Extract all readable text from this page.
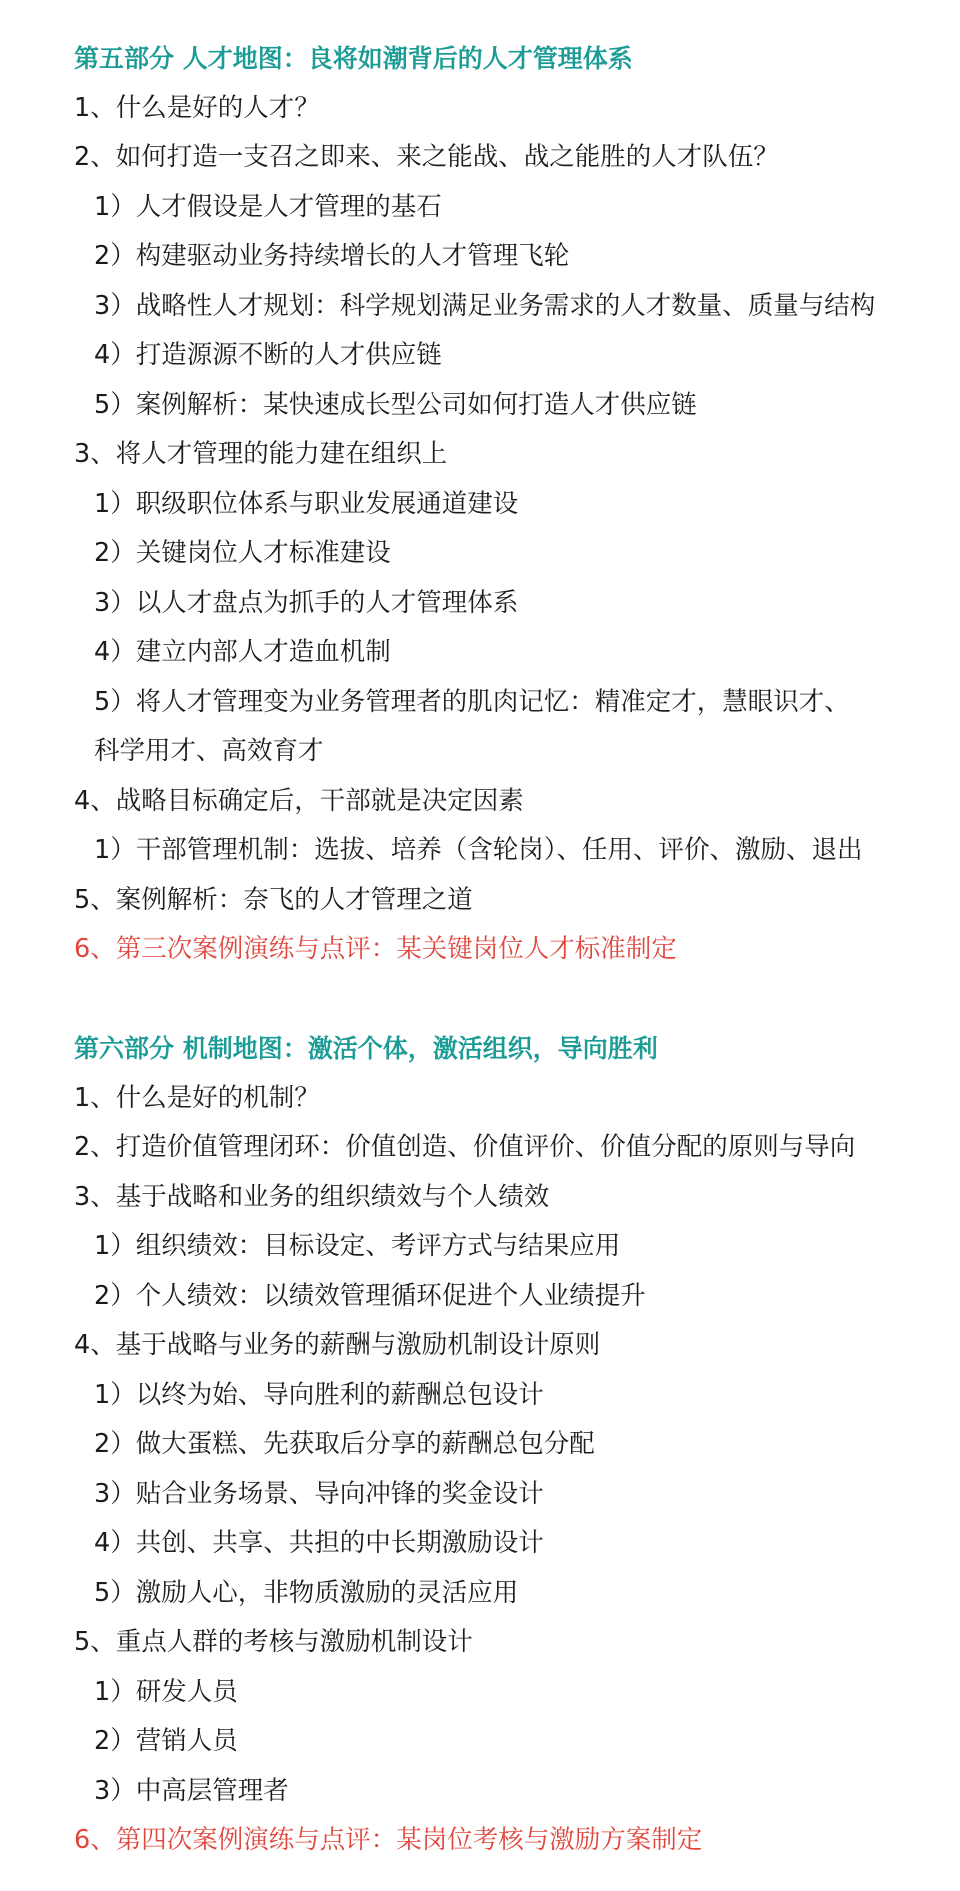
第五部分 人才地图：良将如潮背后的人才管理体系
1、什么是好的人才？
2、如何打造一支召之即来、来之能战、战之能胜的人才队伍？
1）人才假设是人才管理的基石
2）构建驱动业务持续增长的人才管理飞轮
3）战略性人才规划：科学规划满足业务需求的人才数量、质量与结构
4）打造源源不断的人才供应链
5）案例解析：某快速成长型公司如何打造人才供应链
3、将人才管理的能力建在组织上
1）职级职位体系与职业发展通道建设
2）关键岗位人才标准建设
3）以人才盘点为抓手的人才管理体系
4）建立内部人才造血机制
5）将人才管理变为业务管理者的肌肉记忆：精准定才，慧眼识才、
科学用才、高效育才
4、战略目标确定后，干部就是决定因素
1）干部管理机制：选拔、培养（含轮岗）、任用、评价、激励、退出
5、案例解析：奈飞的人才管理之道
6、第三次案例演练与点评：某关键岗位人才标准制定
第六部分 机制地图：激活个体，激活组织，导向胜利
1、什么是好的机制？
2、打造价值管理闭环：价值创造、价值评价、价值分配的原则与导向
3、基于战略和业务的组织绩效与个人绩效
1）组织绩效：目标设定、考评方式与结果应用
2）个人绩效：以绩效管理循环促进个人业绩提升
4、基于战略与业务的薪酬与激励机制设计原则
1）以终为始、导向胜利的薪酬总包设计
2）做大蛋糕、先获取后分享的薪酬总包分配
3）贴合业务场景、导向冲锋的奖金设计
4）共创、共享、共担的中长期激励设计
5）激励人心，非物质激励的灵活应用
5、重点人群的考核与激励机制设计
1）研发人员
2）营销人员
3）中高层管理者
6、第四次案例演练与点评：某岗位考核与激励方案制定
